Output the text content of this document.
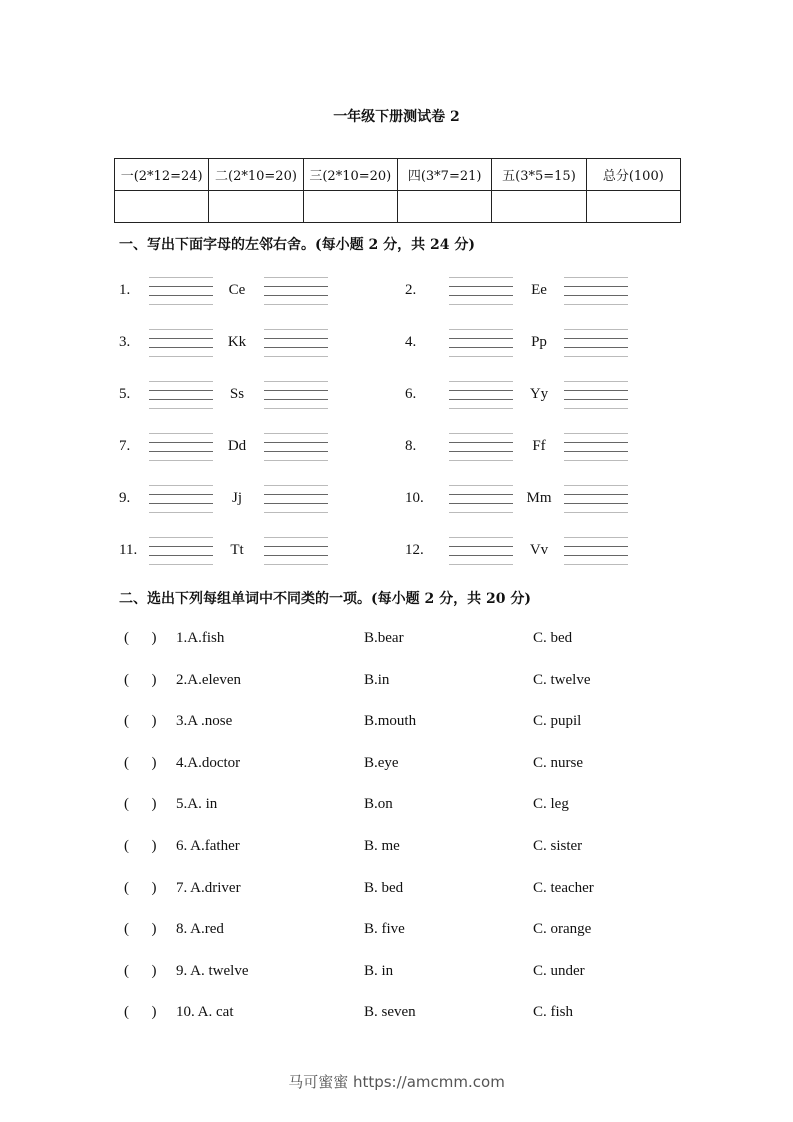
一年级下册测试卷 2
一(2*12=24)	二(2*10=20)	三(2*10=20)	四(3*7=21)	五(3*5=15)	总分(100)

一、写出下面字母的左邻右舍。(每小题 2 分，共 24 分)
1.	Ce	2.	Ee
3.	Kk	4.	Pp
5.	Ss	6.	Yy
7.	Dd	8.	Ff
9.	Jj	10.	Mm
11.	Tt	12.	Vv
二、选出下列每组单词中不同类的一项。(每小题 2 分，共 20 分)
(      ) 1.A.fish	B.bear	C. bed
(      ) 2.A.eleven	B.in	C. twelve
(      ) 3.A .nose	B.mouth	C. pupil
(      ) 4.A.doctor	B.eye	C. nurse
(      ) 5.A. in	B.on	C. leg
(      ) 6. A.father	B. me	C. sister
(      ) 7. A.driver	B. bed	C. teacher
(      ) 8. A.red	B. five	C. orange
(      ) 9. A. twelve	B. in	C. under
(      ) 10. A. cat	B. seven	C. fish
马可蜜蜜 https://amcmm.com
